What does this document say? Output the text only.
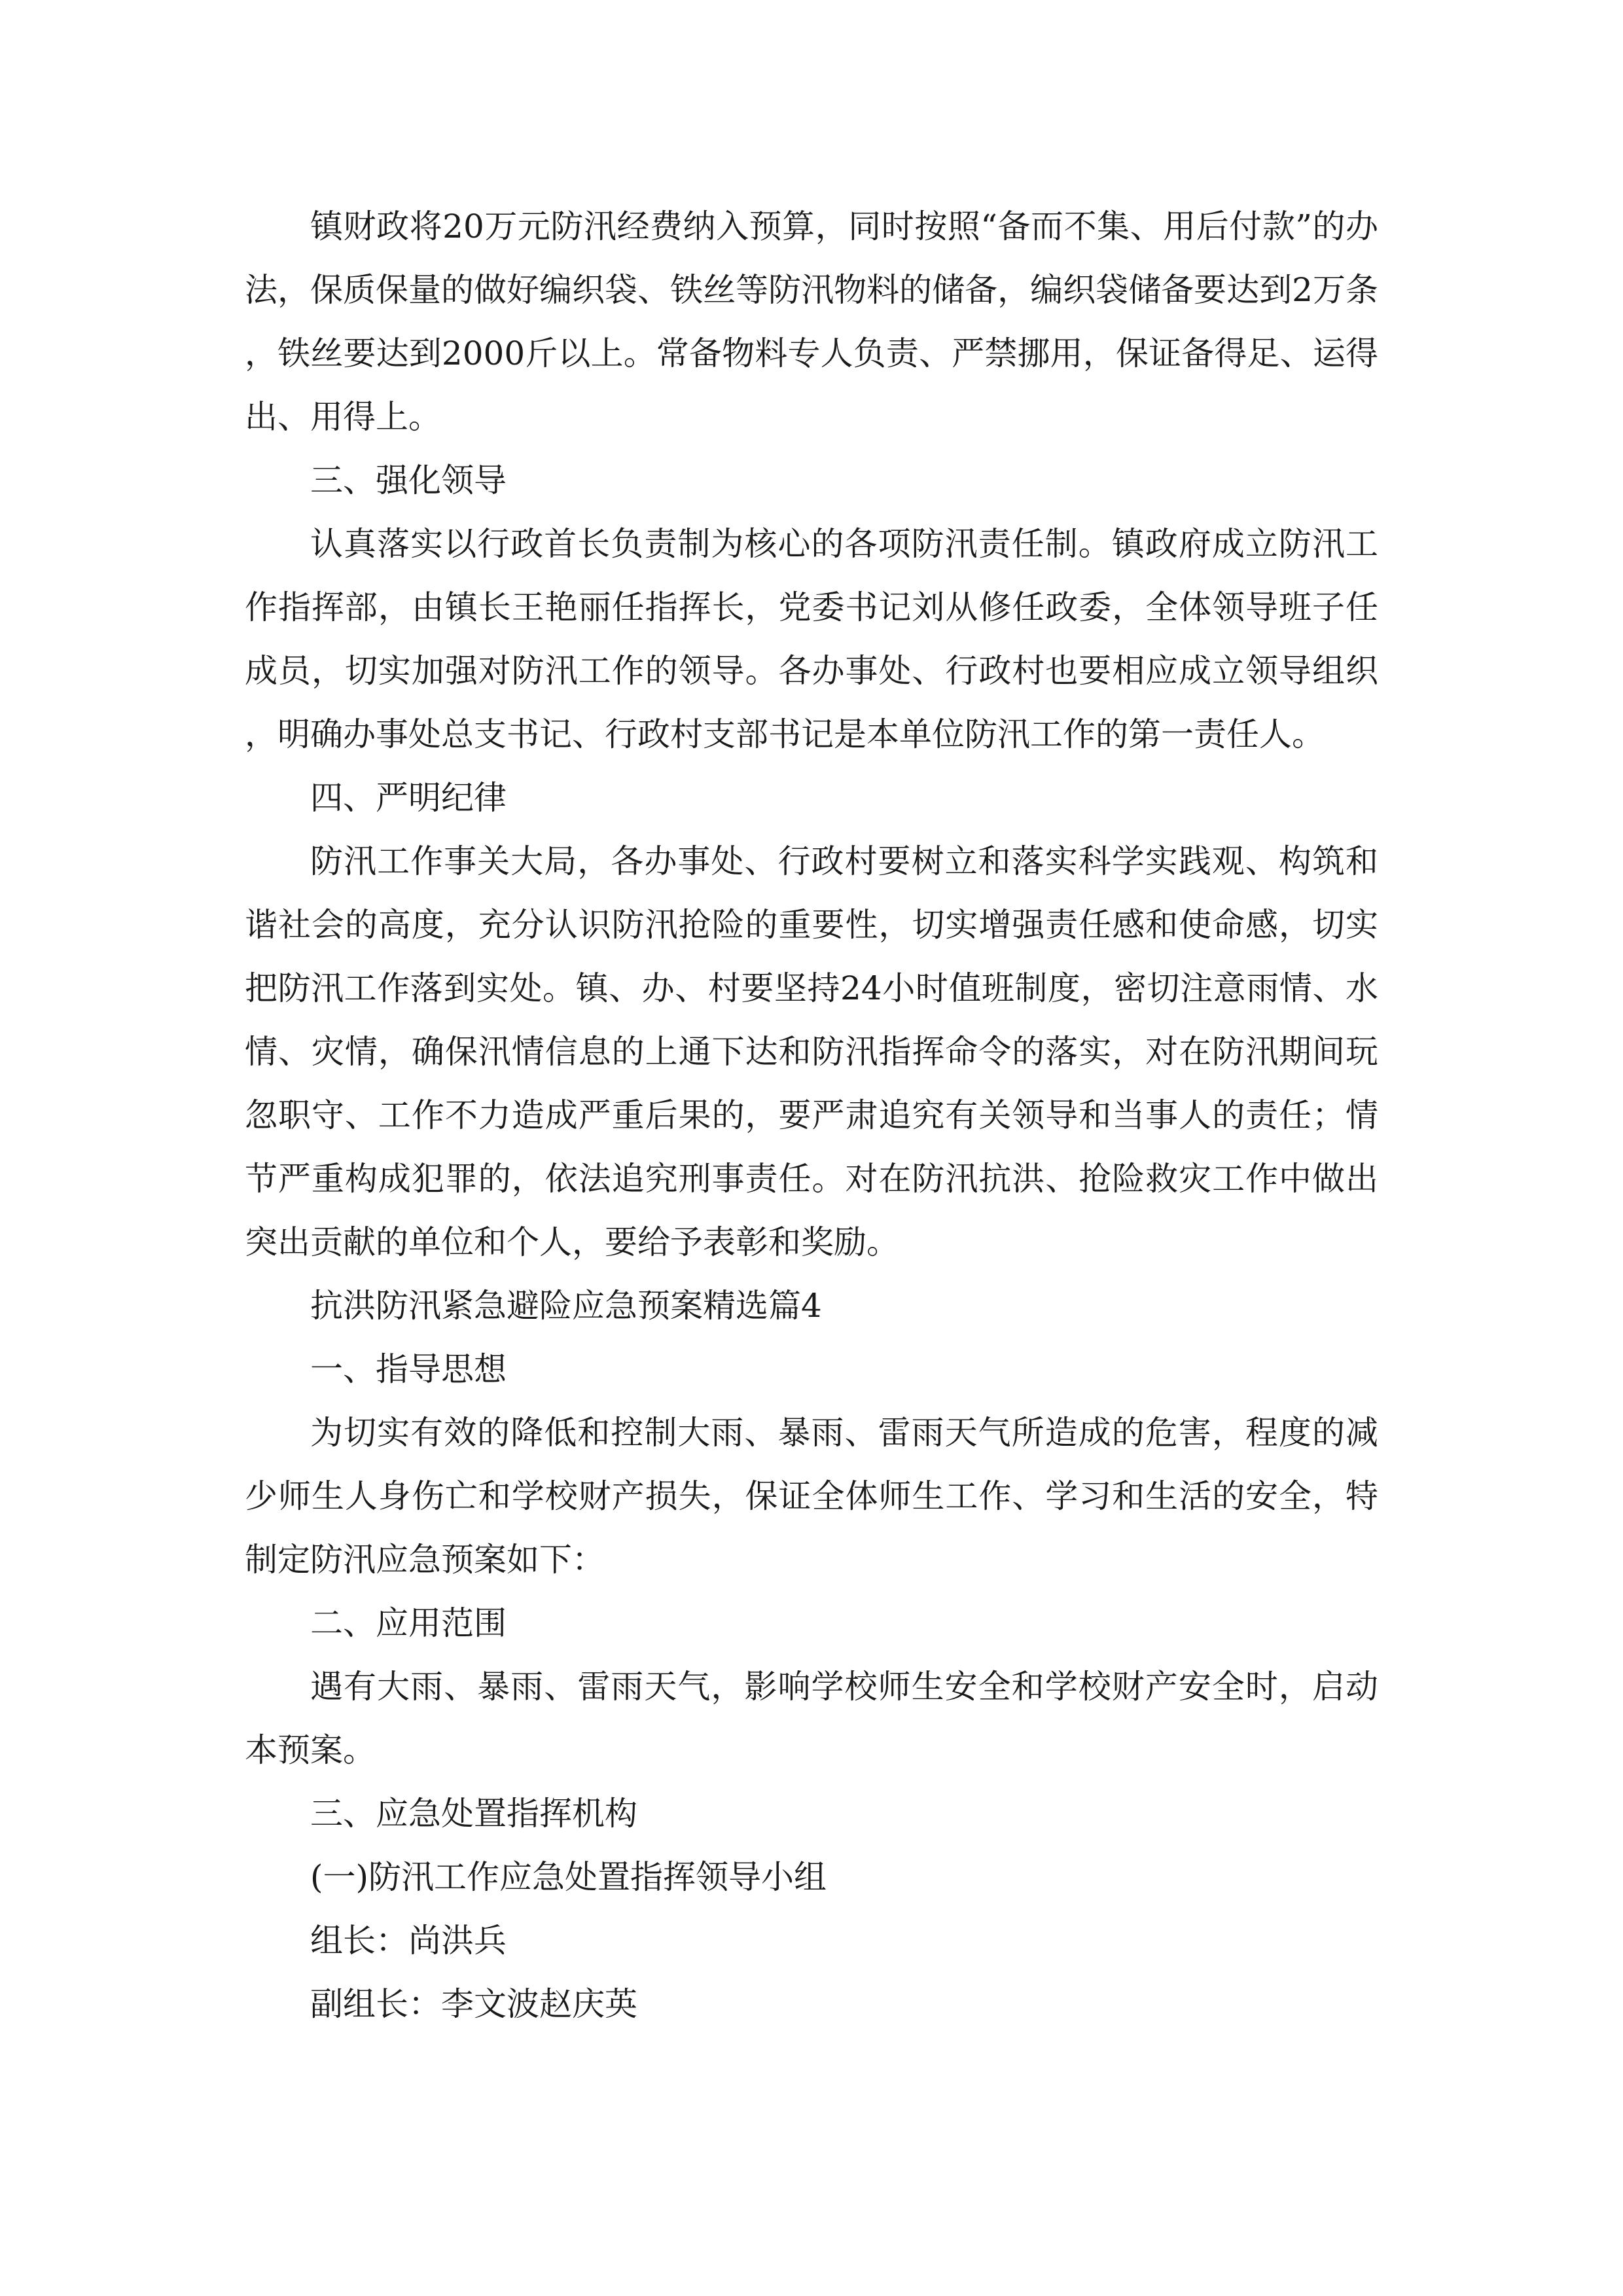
镇财政将20万元防汛经费纳入预算，同时按照“备而不集、用后付款”的办法，保质保量的做好编织袋、铁丝等防汛物料的储备，编织袋储备要达到2万条，铁丝要达到2000斤以上。常备物料专人负责、严禁挪用，保证备得足、运得出、用得上。

三、强化领导

认真落实以行政首长负责制为核心的各项防汛责任制。镇政府成立防汛工作指挥部，由镇长王艳丽任指挥长，党委书记刘从修任政委，全体领导班子任成员，切实加强对防汛工作的领导。各办事处、行政村也要相应成立领导组织，明确办事处总支书记、行政村支部书记是本单位防汛工作的第一责任人。

四、严明纪律

防汛工作事关大局，各办事处、行政村要树立和落实科学实践观、构筑和谐社会的高度，充分认识防汛抢险的重要性，切实增强责任感和使命感，切实把防汛工作落到实处。镇、办、村要坚持24小时值班制度，密切注意雨情、水情、灾情，确保汛情信息的上通下达和防汛指挥命令的落实，对在防汛期间玩忽职守、工作不力造成严重后果的，要严肃追究有关领导和当事人的责任；情节严重构成犯罪的，依法追究刑事责任。对在防汛抗洪、抢险救灾工作中做出突出贡献的单位和个人，要给予表彰和奖励。

抗洪防汛紧急避险应急预案精选篇4

一、指导思想

为切实有效的降低和控制大雨、暴雨、雷雨天气所造成的危害，程度的减少师生人身伤亡和学校财产损失，保证全体师生工作、学习和生活的安全，特制定防汛应急预案如下：

二、应用范围

遇有大雨、暴雨、雷雨天气，影响学校师生安全和学校财产安全时，启动本预案。

三、应急处置指挥机构

(一)防汛工作应急处置指挥领导小组

组长：尚洪兵

副组长：李文波赵庆英
